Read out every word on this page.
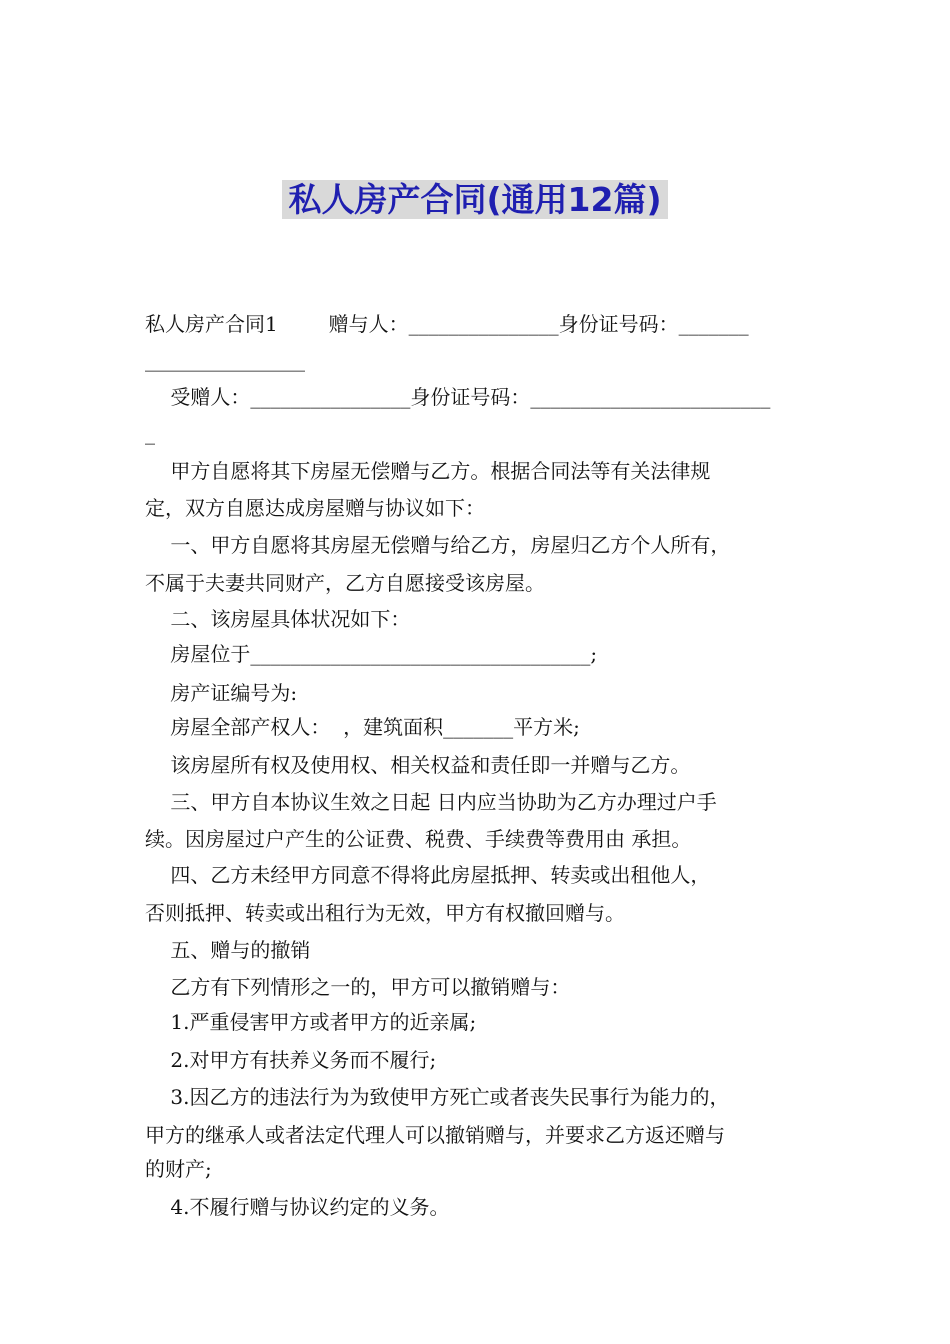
私人房产合同(通用12篇)
私人房产合同1        赠与人：_______________身份证号码：_______
________________
受赠人：________________身份证号码：________________________
_
甲方自愿将其下房屋无偿赠与乙方。根据合同法等有关法律规
定，双方自愿达成房屋赠与协议如下：
一、甲方自愿将其房屋无偿赠与给乙方，房屋归乙方个人所有，
不属于夫妻共同财产，乙方自愿接受该房屋。
二、该房屋具体状况如下：
房屋位于__________________________________;
房产证编号为:
房屋全部产权人：  ，建筑面积_______平方米;
该房屋所有权及使用权、相关权益和责任即一并赠与乙方。
三、甲方自本协议生效之日起 日内应当协助为乙方办理过户手
续。因房屋过户产生的公证费、税费、手续费等费用由 承担。
四、乙方未经甲方同意不得将此房屋抵押、转卖或出租他人，
否则抵押、转卖或出租行为无效，甲方有权撤回赠与。
五、赠与的撤销
乙方有下列情形之一的，甲方可以撤销赠与：
1.严重侵害甲方或者甲方的近亲属;
2.对甲方有扶养义务而不履行;
3.因乙方的违法行为为致使甲方死亡或者丧失民事行为能力的，
甲方的继承人或者法定代理人可以撤销赠与，并要求乙方返还赠与
的财产;
4.不履行赠与协议约定的义务。
